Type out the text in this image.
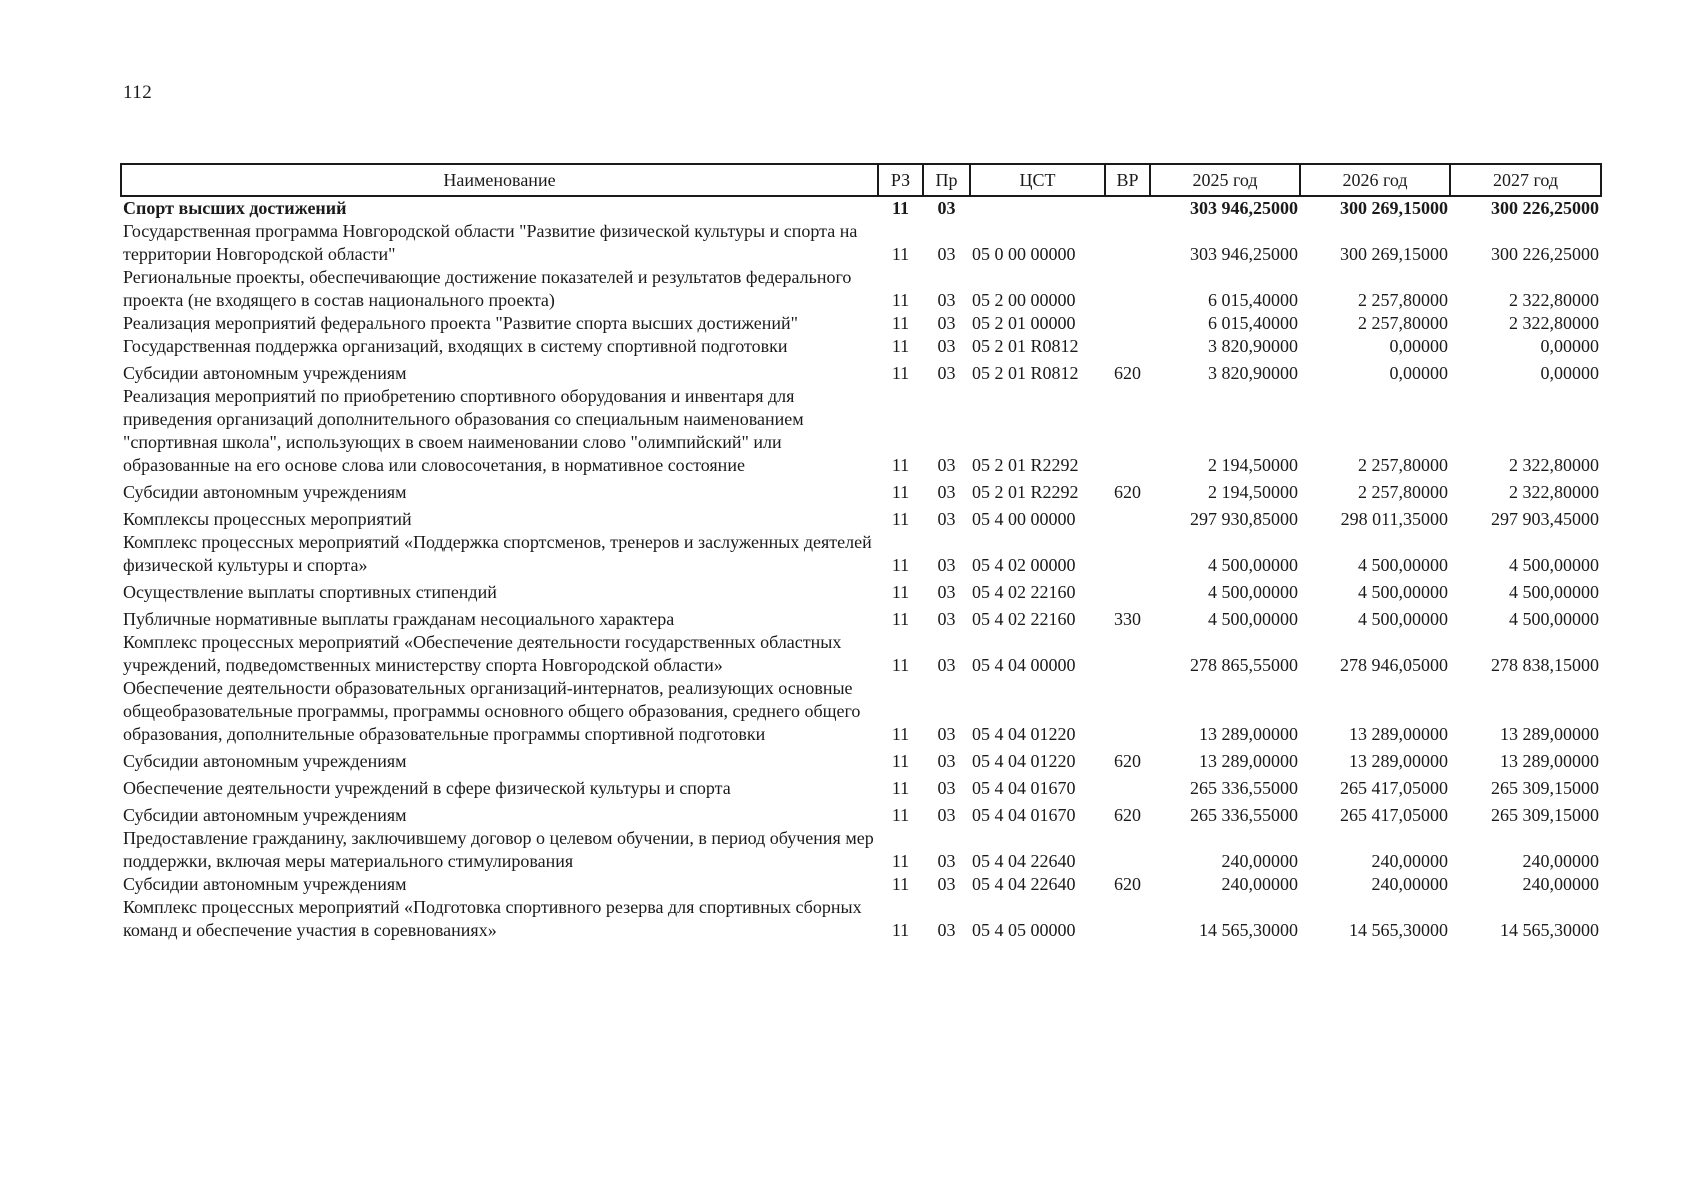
112
Наименование	РЗ	Пр	ЦСТ	ВР	2025 год	2026 год	2027 год
Спорт высших достижений	11	03			303 946,25000	300 269,15000	300 226,25000
Государственная программа Новгородской области "Развитие физической культуры и спорта на территории Новгородской области"	11	03	05 0 00 00000		303 946,25000	300 269,15000	300 226,25000
Региональные проекты, обеспечивающие достижение показателей и результатов федерального проекта (не входящего в состав национального проекта)	11	03	05 2 00 00000		6 015,40000	2 257,80000	2 322,80000
Реализация мероприятий федерального проекта "Развитие спорта высших достижений"	11	03	05 2 01 00000		6 015,40000	2 257,80000	2 322,80000
Государственная поддержка организаций, входящих в систему спортивной подготовки	11	03	05 2 01 R0812		3 820,90000	0,00000	0,00000
Субсидии автономным учреждениям	11	03	05 2 01 R0812	620	3 820,90000	0,00000	0,00000
Реализация мероприятий по приобретению спортивного оборудования и инвентаря для приведения организаций дополнительного образования со специальным наименованием "спортивная школа", использующих в своем наименовании слово "олимпийский" или образованные на его основе слова или словосочетания, в нормативное состояние	11	03	05 2 01 R2292		2 194,50000	2 257,80000	2 322,80000
Субсидии автономным учреждениям	11	03	05 2 01 R2292	620	2 194,50000	2 257,80000	2 322,80000
Комплексы процессных мероприятий	11	03	05 4 00 00000		297 930,85000	298 011,35000	297 903,45000
Комплекс процессных мероприятий «Поддержка спортсменов, тренеров и заслуженных деятелей физической культуры и спорта»	11	03	05 4 02 00000		4 500,00000	4 500,00000	4 500,00000
Осуществление выплаты спортивных стипендий	11	03	05 4 02 22160		4 500,00000	4 500,00000	4 500,00000
Публичные нормативные выплаты гражданам несоциального характера	11	03	05 4 02 22160	330	4 500,00000	4 500,00000	4 500,00000
Комплекс процессных мероприятий «Обеспечение деятельности государственных областных учреждений, подведомственных министерству спорта Новгородской области»	11	03	05 4 04 00000		278 865,55000	278 946,05000	278 838,15000
Обеспечение деятельности образовательных организаций-интернатов, реализующих основные общеобразовательные программы, программы основного общего образования, среднего общего образования, дополнительные образовательные программы спортивной подготовки	11	03	05 4 04 01220		13 289,00000	13 289,00000	13 289,00000
Субсидии автономным учреждениям	11	03	05 4 04 01220	620	13 289,00000	13 289,00000	13 289,00000
Обеспечение деятельности учреждений в сфере физической культуры и спорта	11	03	05 4 04 01670		265 336,55000	265 417,05000	265 309,15000
Субсидии автономным учреждениям	11	03	05 4 04 01670	620	265 336,55000	265 417,05000	265 309,15000
Предоставление гражданину, заключившему договор о целевом обучении, в период обучения мер поддержки, включая меры материального стимулирования	11	03	05 4 04 22640		240,00000	240,00000	240,00000
Субсидии автономным учреждениям	11	03	05 4 04 22640	620	240,00000	240,00000	240,00000
Комплекс процессных мероприятий «Подготовка спортивного резерва для спортивных сборных команд и обеспечение участия в соревнованиях»	11	03	05 4 05 00000		14 565,30000	14 565,30000	14 565,30000
